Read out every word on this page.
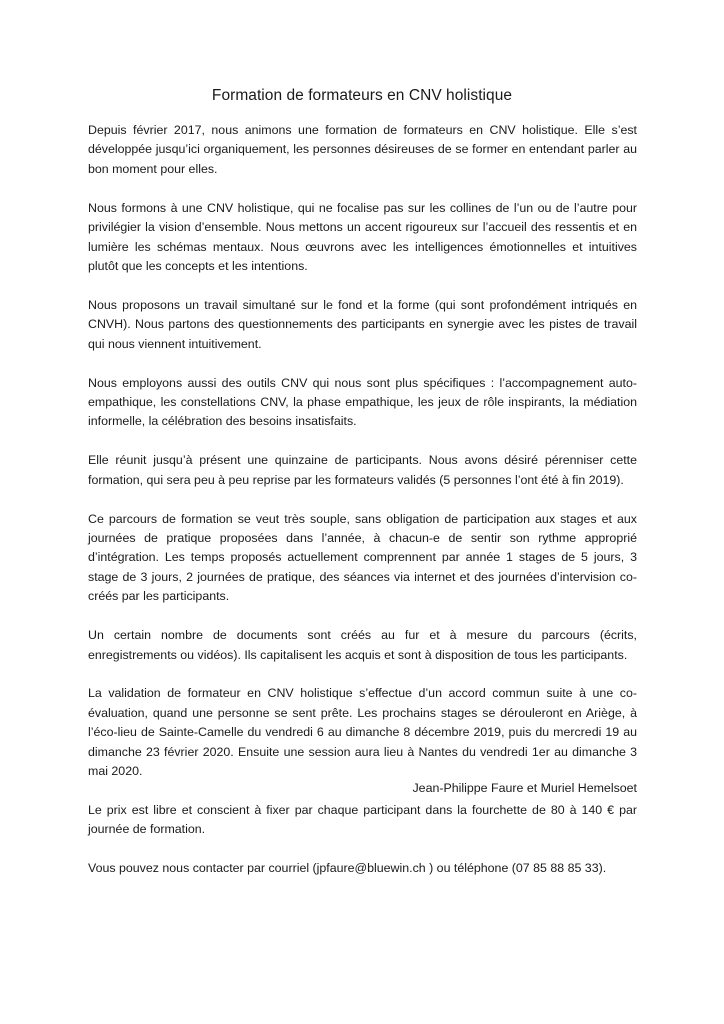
Formation de formateurs en CNV holistique

Depuis février 2017, nous animons une formation de formateurs en CNV holistique. Elle s’est développée jusqu’ici organiquement, les personnes désireuses de se former en entendant parler au bon moment pour elles.

Nous formons à une CNV holistique, qui ne focalise pas sur les collines de l’un ou de l’autre pour privilégier la vision d’ensemble. Nous mettons un accent rigoureux sur l’accueil des ressentis et en lumière les schémas mentaux. Nous œuvrons avec les intelligences émotionnelles et intuitives plutôt que les concepts et les intentions.

Nous proposons un travail simultané sur le fond et la forme (qui sont profondément intriqués en CNVH). Nous partons des questionnements des participants en synergie avec les pistes de travail qui nous viennent intuitivement.

Nous employons aussi des outils CNV qui nous sont plus spécifiques : l’accompagnement auto-empathique, les constellations CNV, la phase empathique, les jeux de rôle inspirants, la médiation informelle, la célébration des besoins insatisfaits.

Elle réunit jusqu’à présent une quinzaine de participants. Nous avons désiré pérenniser cette formation, qui sera peu à peu reprise par les formateurs validés (5 personnes l’ont été à fin 2019).

Ce parcours de formation se veut très souple, sans obligation de participation aux stages et aux journées de pratique proposées dans l’année, à chacun-e de sentir son rythme approprié d’intégration. Les temps proposés actuellement comprennent par année 1 stages de 5 jours, 3 stage de 3 jours, 2 journées de pratique, des séances via internet et des journées d’intervision co-créés par les participants.

Un certain nombre de documents sont créés au fur et à mesure du parcours (écrits, enregistrements ou vidéos). Ils capitalisent les acquis et sont à disposition de tous les participants.

La validation de formateur en CNV holistique s’effectue d’un accord commun suite à une co-évaluation, quand une personne se sent prête. Les prochains stages se dérouleront en Ariège, à l’éco-lieu de Sainte-Camelle du vendredi 6 au dimanche 8 décembre 2019, puis du mercredi 19 au dimanche 23 février 2020. Ensuite une session aura lieu à Nantes du vendredi 1er au dimanche 3 mai 2020.

Le prix est libre et conscient à fixer par chaque participant dans la fourchette de 80 à 140 € par journée de formation.

Vous pouvez nous contacter par courriel (jpfaure@bluewin.ch ) ou téléphone (07 85 88 85 33).

Jean-Philippe Faure et Muriel Hemelsoet
